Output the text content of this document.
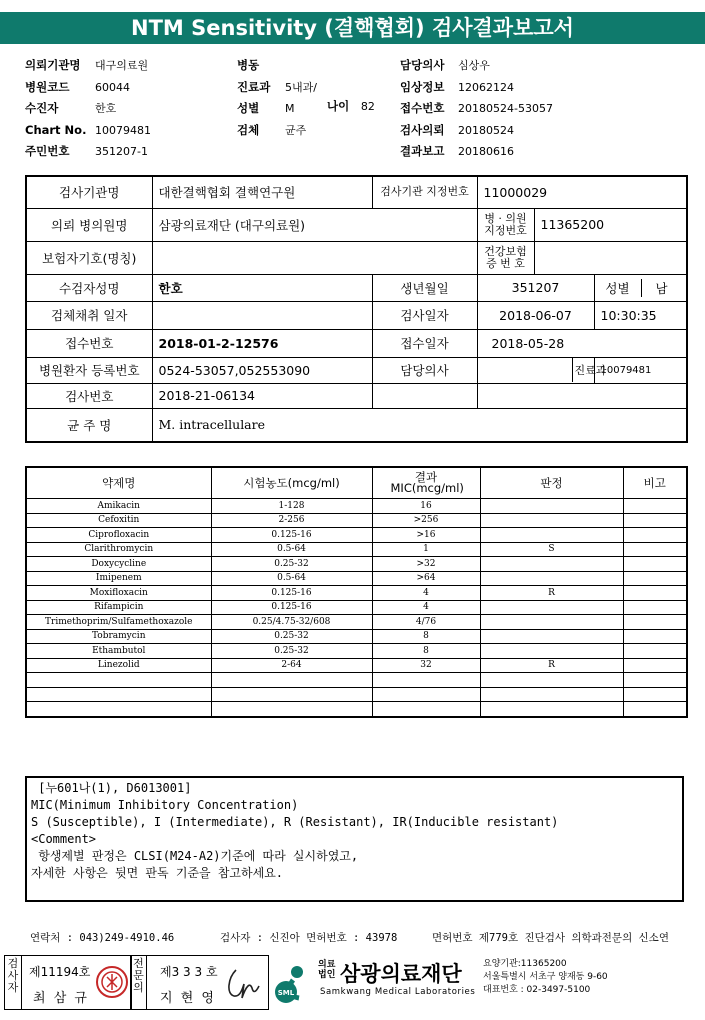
NTM Sensitivity (결핵협회) 검사결과보고서
의뢰기관명 대구의료원
병원코드 60044
수진자	한호
Chart No. 10079481
주민번호 351207-1
병동
진료과 5내과/
성별 M
검체 균주
나이 82
담당의사 심상우
임상정보 12062124
접수번호 20180524-53057
검사의뢰 20180524
결과보고 20180616
검사기관명	대한결핵협회 결핵연구원	검사기관 지정번호	11000029		
의뢰 병의원명	삼광의료재단 (대구의료원)		병 · 의원 지정번호	11365200	
보험자기호(명칭)			건강보험 증 번 호		
수검자성명	한호	생년월일	351207		성별 남
검체채취 일자		검사일자	2018-06-07		10:30:35
접수번호	2018-01-2-12576	접수일자	2018-05-28		
병원환자 등록번호	0524-53057,052553090	담당의사	진료과		10079481
검사번호	2018-21-06134				
균 주 명	M. intracellulare				
약제명	시험농도(mcg/ml)	결과 MIC(mcg/ml)	판정	비고
Amikacin	1-128	16		
Cefoxitin	2-256	>256		
Ciprofloxacin	0.125-16	>16		
Clarithromycin	0.5-64	1	S	
Doxycycline	0.25-32	>32		
Imipenem	0.5-64	>64		
Moxifloxacin	0.125-16	4	R	
Rifampicin	0.125-16	4		
Trimethoprim/Sulfamethoxazole	0.25/4.75-32/608	4/76		
Tobramycin	0.25-32	8		
Ethambutol	0.25-32	8		
Linezolid	2-64	32	R	

[누601나(1), D6013001]
MIC(Minimum Inhibitory Concentration)
S (Susceptible), I (Intermediate), R (Resistant), IR(Inducible resistant)
<Comment>
항생제별 판정은 CLSI(M24-A2)기준에 따라 실시하였고,
자세한 사항은 뒷면 판독 기준을 참고하세요.
연락처 : 043)249-4910.46	검사자 : 신진아 면허번호 : 43978	면허번호 제779호 진단검사 의학과전문의 신소연
검사자
제11194호
최 삼 규
전문의
제3 3 3 호
지 현 영	SML
의료법인 삼광의료재단
Samkwang Medical Laboratories
요양기관:11365200
서울특별시 서초구 양재동 9-60
대표번호 : 02-3497-5100
